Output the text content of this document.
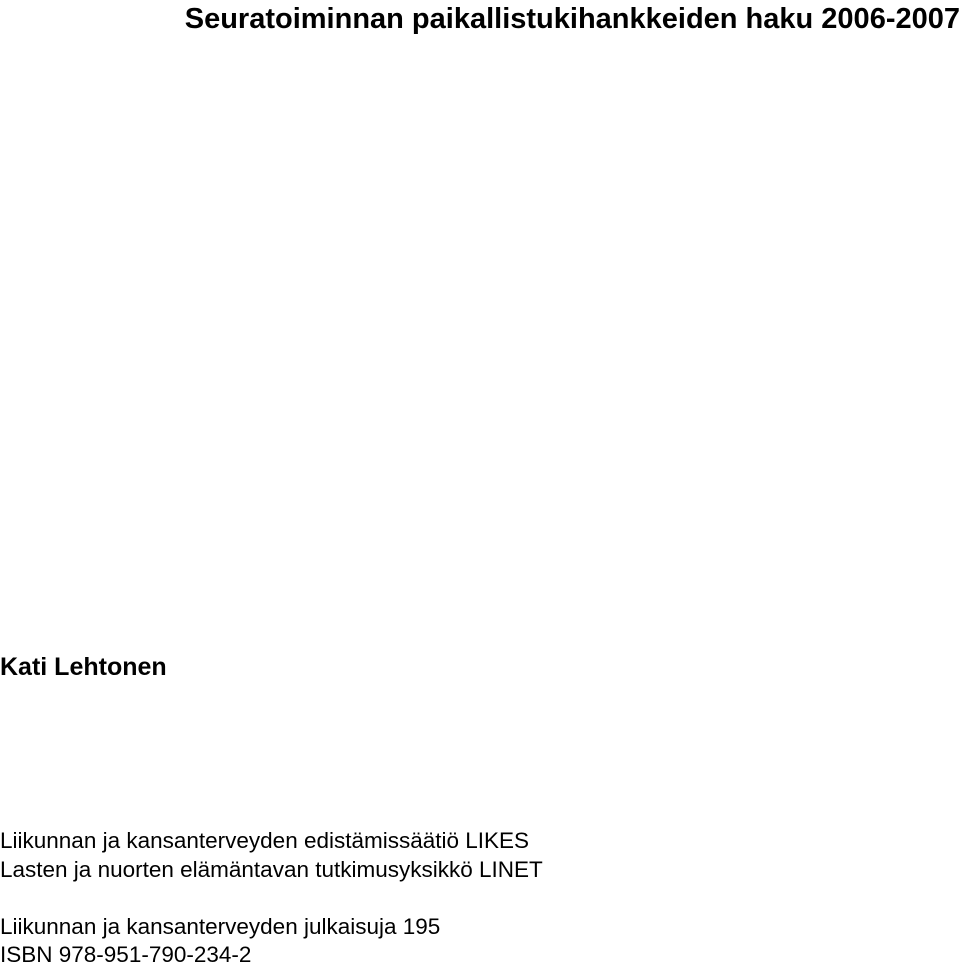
Seuratoiminnan paikallistukihankkeiden haku 2006-2007

Kati Lehtonen

Liikunnan ja kansanterveyden edistämissäätiö LIKES

Lasten ja nuorten elämäntavan tutkimusyksikkö LINET

Liikunnan ja kansanterveyden julkaisuja 195

ISBN 978-951-790-234-2
